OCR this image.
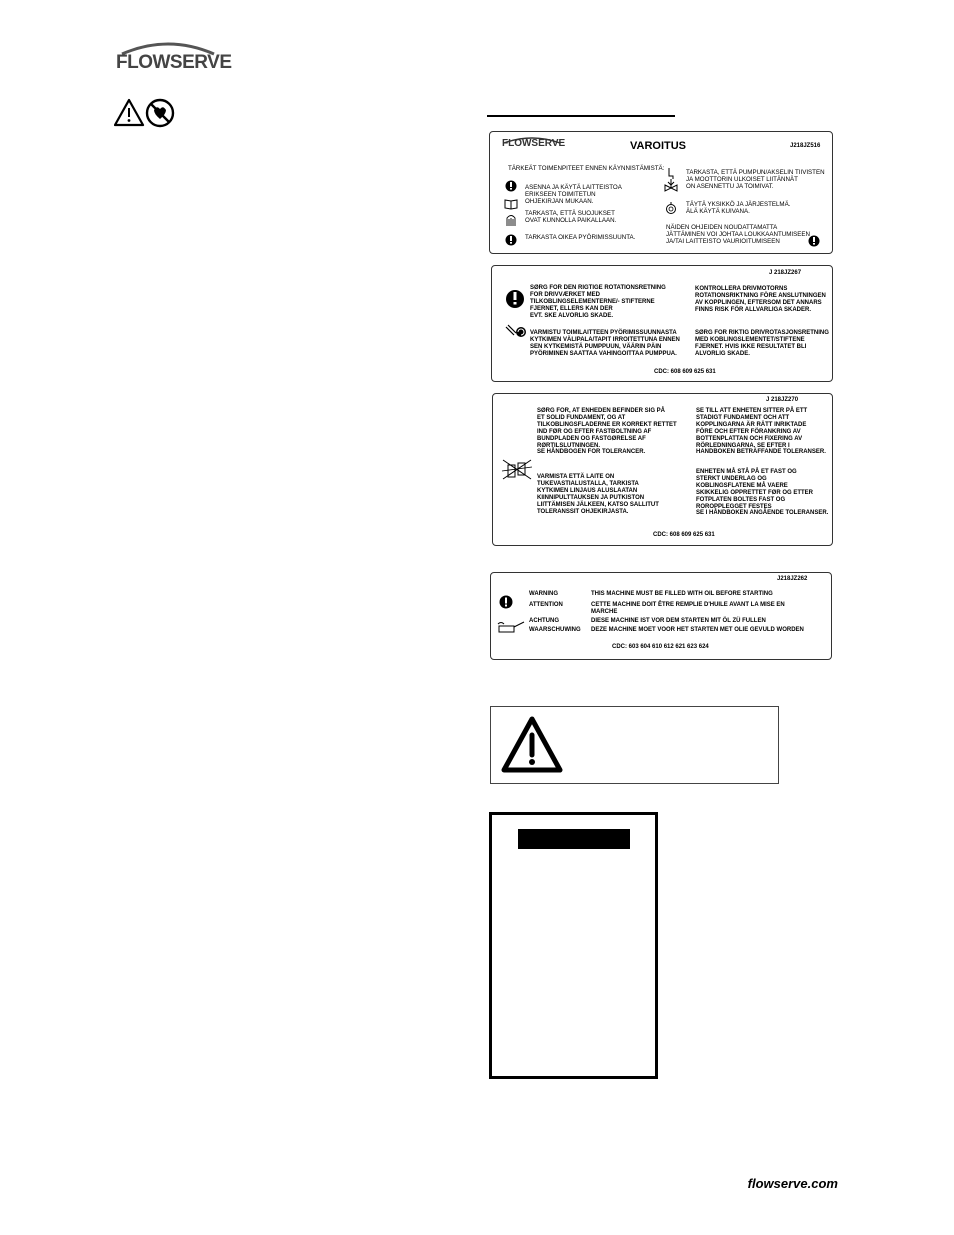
FLOWSERVE
FLOWSERVE	VAROITUS	J218JZ516
TÄRKEÄT TOIMENPITEET ENNEN KÄYNNISTÄMISTÄ:
ASENNA JA KÄYTÄ LAITTEISTOA
ERIKSEEN TOIMITETUN
OHJEKIRJAN MUKAAN.
TARKASTA, ETTÄ SUOJUKSET
OVAT KUNNOLLA PAIKALLAAN.
TARKASTA OIKEA PYÖRIMISSUUNTA.
TARKASTA, ETTÄ PUMPUN/AKSELIN TIIVISTEN
JA MOOTTORIN ULKOISET LIITÄNNÄT
ON ASENNETTU JA TOIMIVAT.
TÄYTÄ YKSIKKÖ JA JÄRJESTELMÄ.
ÄLÄ KÄYTÄ KUIVANA.
NÄIDEN OHJEIDEN NOUDATTAMATTA
JÄTTÄMINEN VOI JOHTAA LOUKKAANTUMISEEN
JA/TAI LAITTEISTO VAURIOITUMISEEN
J 218JZ267
SØRG FOR DEN RIGTIGE ROTATIONSRETNING
FOR DRIVVÆRKET MED
TILKOBLINGSELEMENTERNE/- STIFTERNE
FJERNET, ELLERS KAN DER
EVT. SKE ALVORLIG SKADE.
KONTROLLERA DRIVMOTORNS
ROTATIONSRIKTNING FÖRE ANSLUTNINGEN
AV KOPPLINGEN, EFTERSOM DET ANNARS
FINNS RISK FÖR ALLVARLIGA SKADER.
VARMISTU TOIMILAITTEEN PYÖRIMISSUUNNASTA
KYTKIMEN VÄLIPALA/TAPIT IRROITETTUNA ENNEN
SEN KYTKEMISTÄ PUMPPUUN, VÄÄRIN PÄIN
PYÖRIMINEN SAATTAA VAHINGOITTAA PUMPPUA.
SØRG FOR RIKTIG DRIVROTASJONSRETNING
MED KOBLINGSLEMENTET/STIFTENE
FJERNET. HVIS IKKE RESULTATET BLI
ALVORLIG SKADE.
CDC: 608 609 625 631
J 218JZ270
SØRG FOR, AT ENHEDEN BEFINDER SIG PÅ
ET SOLID FUNDAMENT, OG AT
TILKOBLINGSFLADERNE ER KORREKT RETTET
IND FØR OG EFTER FASTBOLTNING AF
BUNDPLADEN OG FASTGØRELSE AF
RØRTILSLUTNINGEN.
SE HÅNDBOGEN FOR TOLERANCER.
SE TILL ATT ENHETEN SITTER PÅ ETT
STADIGT FUNDAMENT OCH ATT
KOPPLINGARNA ÄR RÄTT INRIKTADE
FÖRE OCH EFTER FÖRANKRING AV
BOTTENPLATTAN OCH FIXERING AV
RÖRLEDNINGARNA. SE EFTER I
HANDBOKEN BETRÄFFANDE TOLERANSER.
VARMISTA ETTÄ LAITE ON
TUKEVASTIALUSTALLA, TARKISTA
KYTKIMEN LINJAUS ALUSLAATAN
KIINNIPULTTAUKSEN JA PUTKISTON
LIITTÄMISEN JÄLKEEN, KATSO SALLITUT
TOLERANSSIT OHJEKIRJASTA.
ENHETEN MÅ STÅ PÅ ET FAST OG
STERKT UNDERLAG OG
KOBLINGSFLATENE MÅ VAERE
SKIKKELIG OPPRETTET FØR OG ETTER
FOTPLATEN BOLTES FAST OG
ROROPPLEGGET FESTES
SE I HÅNDBOKEN ANGÅENDE TOLERANSER.
CDC: 608 609 625 631
J218JZ262
WARNING	THIS MACHINE MUST BE FILLED WITH OIL BEFORE STARTING
ATTENTION	CETTE MACHINE DOIT ÊTRE REMPLIE D'HUILE AVANT LA MISE EN
MARCHE
ACHTUNG	DIESE MACHINE IST VOR DEM STARTEN MIT ÖL ZÜ FULLEN
WAARSCHUWING DEZE MACHINE MOET VOOR HET STARTEN MET OLIE GEVULD WORDEN
CDC: 603 604 610 612 621 623 624
flowserve.com
